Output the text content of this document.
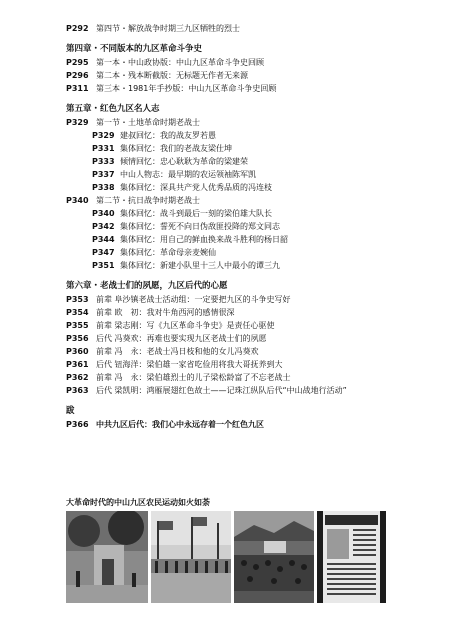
P292 第四节・解放战争时期三九区牺牲的烈士
第四章・不同版本的九区革命斗争史
P295 第一本・中山政协版：中山九区革命斗争史回顾
P296 第二本・残本断截版：无标题无作者无来源
P311 第三本・1981年手抄版：中山九区革命斗争史回顾
第五章・红色九区名人志
P329 第一节・土地革命时期老战士
P329 建叔回忆：我的战友罗若愚
P331 集体回忆：我们的老战友梁仕坤
P333 倾情回忆：忠心耿耿为革命的梁建荣
P337 中山人物志：最早期的农运领袖陈军凯
P338 集体回忆：深具共产党人优秀品质的冯连枝
P340 第二节・抗日战争时期老战士
P340 集体回忆：战斗到最后一刻的梁伯雄大队长
P342 集体回忆：誓死不向日伪敌匪投降的郑文同志
P344 集体回忆：用自己的鲜血换来战斗胜利的杨日韶
P347 集体回忆：革命母亲麦婉仙
P351 集体回忆：新建小队里十三人中最小的谭三九
第六章・老战士们的夙愿，九区后代的心愿
P353 前辈 阜沙镇老战士活动组：一定要把九区的斗争史写好
P354 前辈 欧　初：我对牛角西河的感情很深
P355 前辈 梁志刚：写《九区革命斗争史》是责任心驱使
P356 后代 冯葵欢：再难也要实现九区老战士们的夙愿
P360 前辈 冯　永：老战士冯日枝和他的女儿冯葵欢
P361 后代 钮海洋：梁伯雄一家省吃俭用将我大哥抚养到大
P362 前辈 冯　永：梁伯雄烈士的儿子梁松龄富了不忘老战士
P363 后代 梁凯明：鸿雁展翅红色故土——记珠江纵队后代“中山战地行活动”
跋
P366 中共九区后代：我们心中永远存着一个红色九区
大革命时代的中山九区农民运动如火如荼
